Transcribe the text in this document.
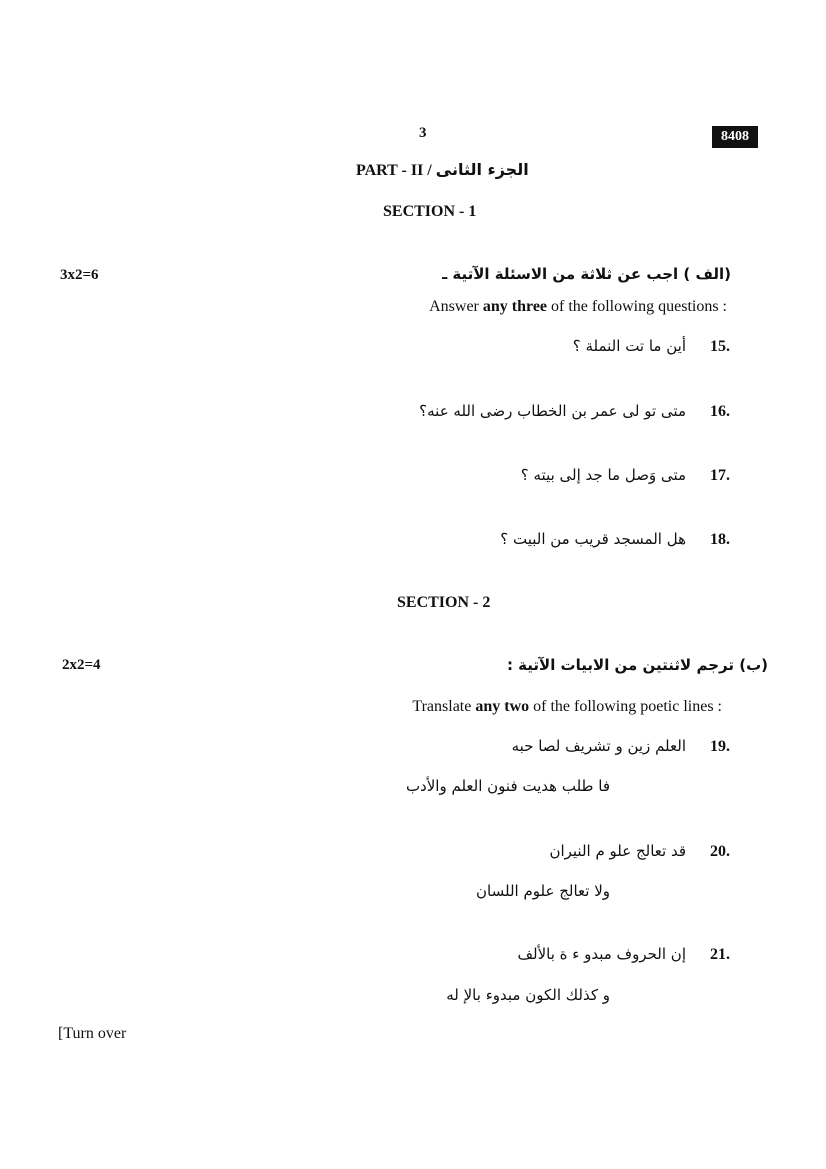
3	8408
PART - II / الجزء الثانى
SECTION - 1
3x2=6	(الف ) اجب عن ثلاثة من الاسئلة الآتية ـ
Answer any three of the following questions :
15.
أين ما تت النملة ؟
16.
متى تو لى عمر بن الخطاب رضى الله عنه؟
17.
متى وَصل ما جد إلى بيته ؟
18.
هل المسجد قريب من البيت ؟
SECTION - 2
2x2=4	(ب) ترجم لاثنتين من الابيات الآتية :
Translate any two of the following poetic lines :
19.
العلم زين و تشريف لصا حبه
فا طلب هديت فنون العلم والأدب
20.
قد تعالج علو م النيران
ولا تعالج علوم اللسان
21.
إن الحروف مبدو ء ة بالألف
و كذلك الكون مبدوء بالإ له
[Turn over
